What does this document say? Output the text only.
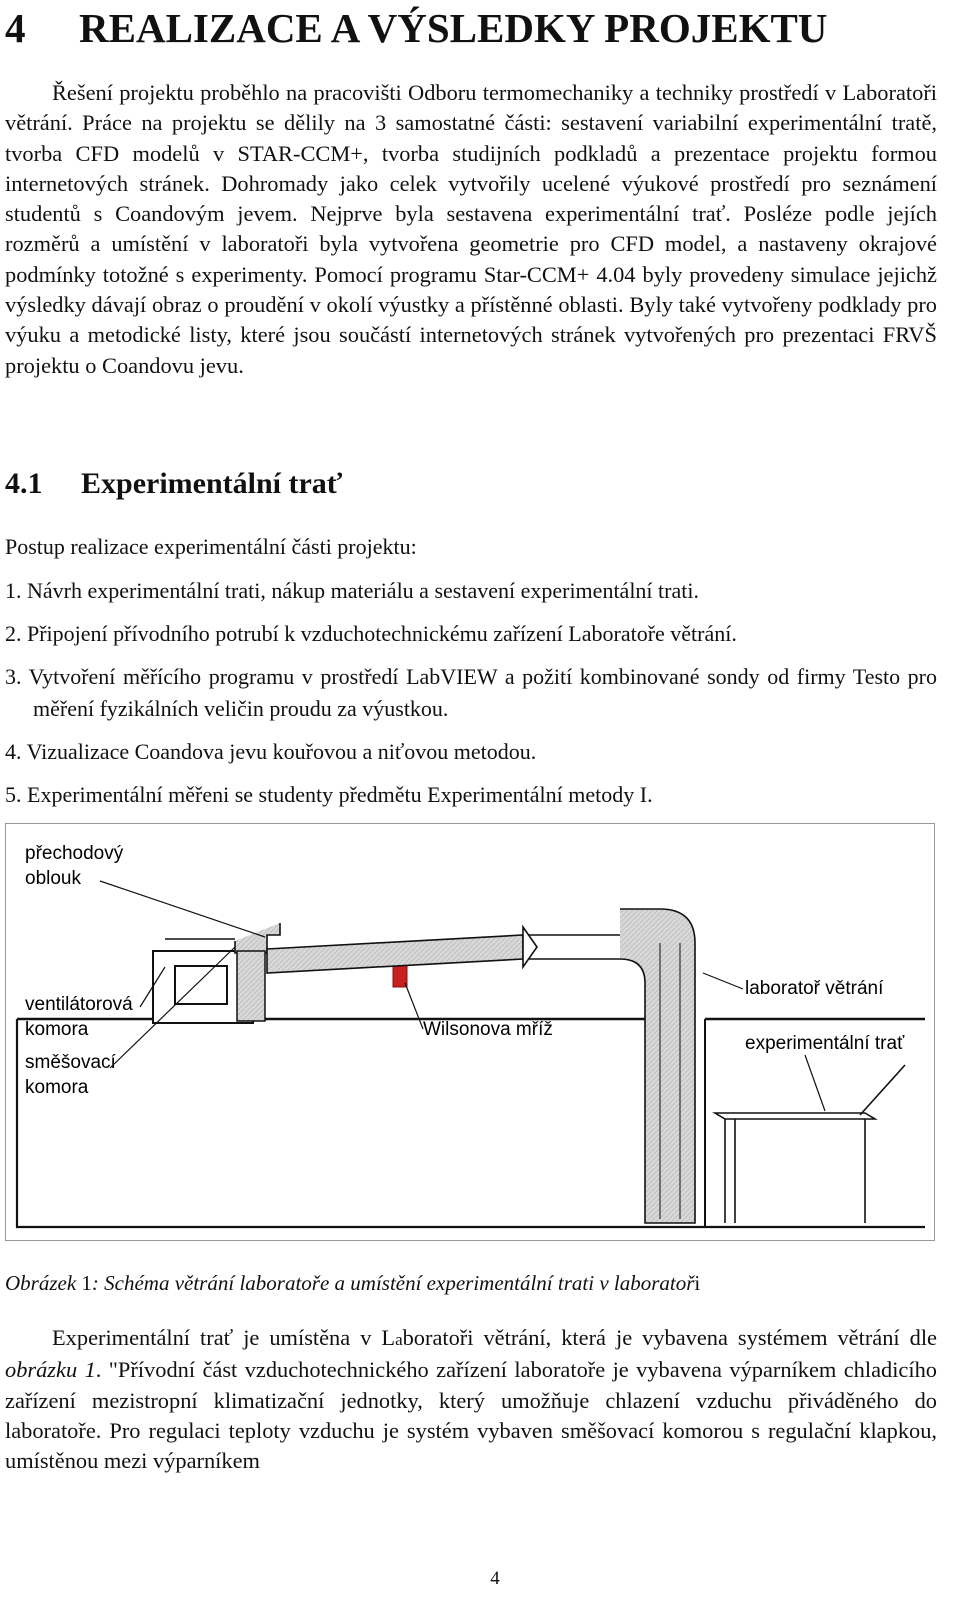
4 REALIZACE A VÝSLEDKY PROJEKTU

Řešení projektu proběhlo na pracovišti Odboru termomechaniky a techniky prostředí v Laboratoři větrání. Práce na projektu se dělily na 3 samostatné části: sestavení variabilní experimentální tratě, tvorba CFD modelů v STAR-CCM+, tvorba studijních podkladů a prezentace projektu formou internetových stránek. Dohromady jako celek vytvořily ucelené výukové prostředí pro seznámení studentů s Coandovým jevem. Nejprve byla sestavena experimentální trať. Posléze podle jejích rozměrů a umístění v laboratoři byla vytvořena geometrie pro CFD model, a nastaveny okrajové podmínky totožné s experimenty. Pomocí programu Star-CCM+ 4.04 byly provedeny simulace jejichž výsledky dávají obraz o proudění v okolí výustky a přístěnné oblasti. Byly také vytvořeny podklady pro výuku a metodické listy, které jsou součástí internetových stránek vytvořených pro prezentaci FRVŠ projektu o Coandovu jevu.

4.1 Experimentální trať

Postup realizace experimentální části projektu:

1. Návrh experimentální trati, nákup materiálu a sestavení experimentální trati.
2. Připojení přívodního potrubí k vzduchotechnickému zařízení Laboratoře větrání.
3. Vytvoření měřícího programu v prostředí LabVIEW a požití kombinované sondy od firmy Testo pro měření fyzikálních veličin proudu za výustkou.
4. Vizualizace Coandova jevu kouřovou a niťovou metodou.
5. Experimentální měřeni se studenty předmětu Experimentální metody I.
přechodový
oblouk
ventilátorová
komora
směšovací
komora
Wilsonova mříž
laboratoř větrání
experimentální trať

Obrázek 1: Schéma větrání laboratoře a umístění experimentální trati v laboratoři

Experimentální trať je umístěna v Laboratoři větrání, která je vybavena systémem větrání dle obrázku 1. "Přívodní část vzduchotechnického zařízení laboratoře je vybavena výparníkem chladicího zařízení mezistropní klimatizační jednotky, který umožňuje chlazení vzduchu přiváděného do laboratoře. Pro regulaci teploty vzduchu je systém vybaven směšovací komorou s regulační klapkou, umístěnou mezi výparníkem

4
